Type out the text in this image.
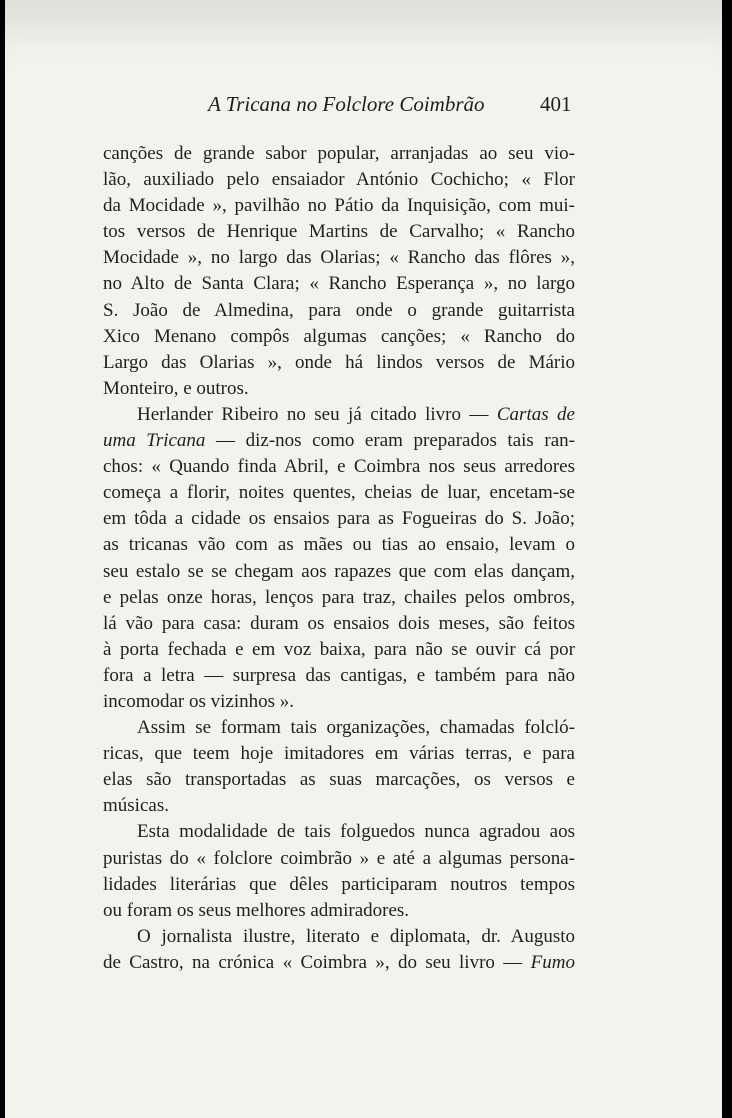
A Tricana no Folclore Coimbrão	401
canções de grande sabor popular, arranjadas ao seu vio-
lão, auxiliado pelo ensaiador António Cochicho; « Flor
da Mocidade », pavilhão no Pátio da Inquisição, com mui-
tos versos de Henrique Martins de Carvalho; « Rancho
Mocidade », no largo das Olarias; « Rancho das flôres »,
no Alto de Santa Clara; « Rancho Esperança », no largo
S. João de Almedina, para onde o grande guitarrista
Xico Menano compôs algumas canções; « Rancho do
Largo das Olarias », onde há lindos versos de Mário
Monteiro, e outros.
Herlander Ribeiro no seu já citado livro — Cartas de
uma Tricana — diz-nos como eram preparados tais ran-
chos: « Quando finda Abril, e Coimbra nos seus arredores
começa a florir, noites quentes, cheias de luar, encetam-se
em tôda a cidade os ensaios para as Fogueiras do S. João;
as tricanas vão com as mães ou tias ao ensaio, levam o
seu estalo se se chegam aos rapazes que com elas dançam,
e pelas onze horas, lenços para traz, chailes pelos ombros,
lá vão para casa: duram os ensaios dois meses, são feitos
à porta fechada e em voz baixa, para não se ouvir cá por
fora a letra — surpresa das cantigas, e também para não
incomodar os vizinhos ».
Assim se formam tais organizações, chamadas folcló-
ricas, que teem hoje imitadores em várias terras, e para
elas são transportadas as suas marcações, os versos e
músicas.
Esta modalidade de tais folguedos nunca agradou aos
puristas do « folclore coimbrão » e até a algumas persona-
lidades literárias que dêles participaram noutros tempos
ou foram os seus melhores admiradores.
O jornalista ilustre, literato e diplomata, dr. Augusto
de Castro, na crónica « Coimbra », do seu livro — Fumo
